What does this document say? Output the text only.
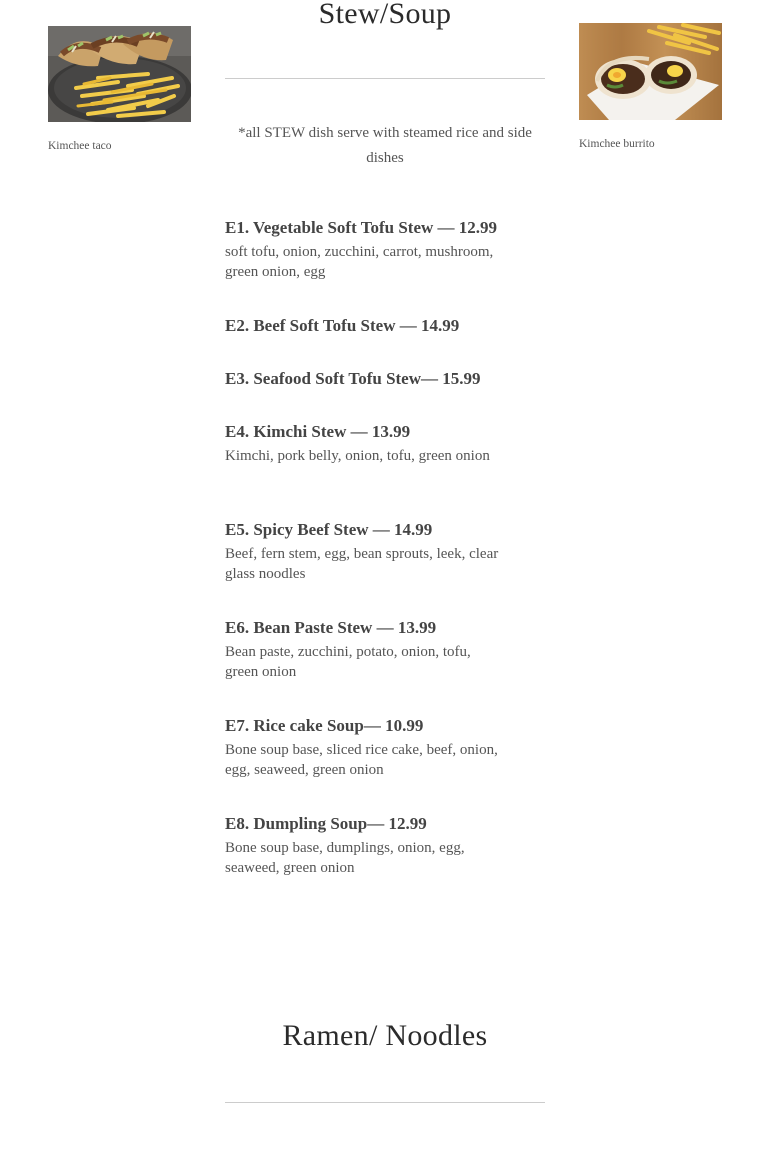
Kimchee taco	Kimchee burrito
Stew/Soup
*all STEW dish serve with steamed rice and side dishes
E1. Vegetable Soft Tofu Stew — 12.99
soft tofu, onion, zucchini, carrot, mushroom, green onion, egg
E2. Beef Soft Tofu Stew — 14.99
E3. Seafood Soft Tofu Stew— 15.99
E4. Kimchi Stew — 13.99
Kimchi, pork belly, onion, tofu, green onion
E5. Spicy Beef Stew — 14.99
Beef, fern stem, egg, bean sprouts, leek, clear glass noodles
E6. Bean Paste Stew — 13.99
Bean paste, zucchini, potato, onion, tofu, green onion
E7. Rice cake Soup— 10.99
Bone soup base, sliced rice cake, beef, onion, egg, seaweed, green onion
E8. Dumpling Soup— 12.99
Bone soup base, dumplings, onion, egg, seaweed, green onion
Ramen/ Noodles
